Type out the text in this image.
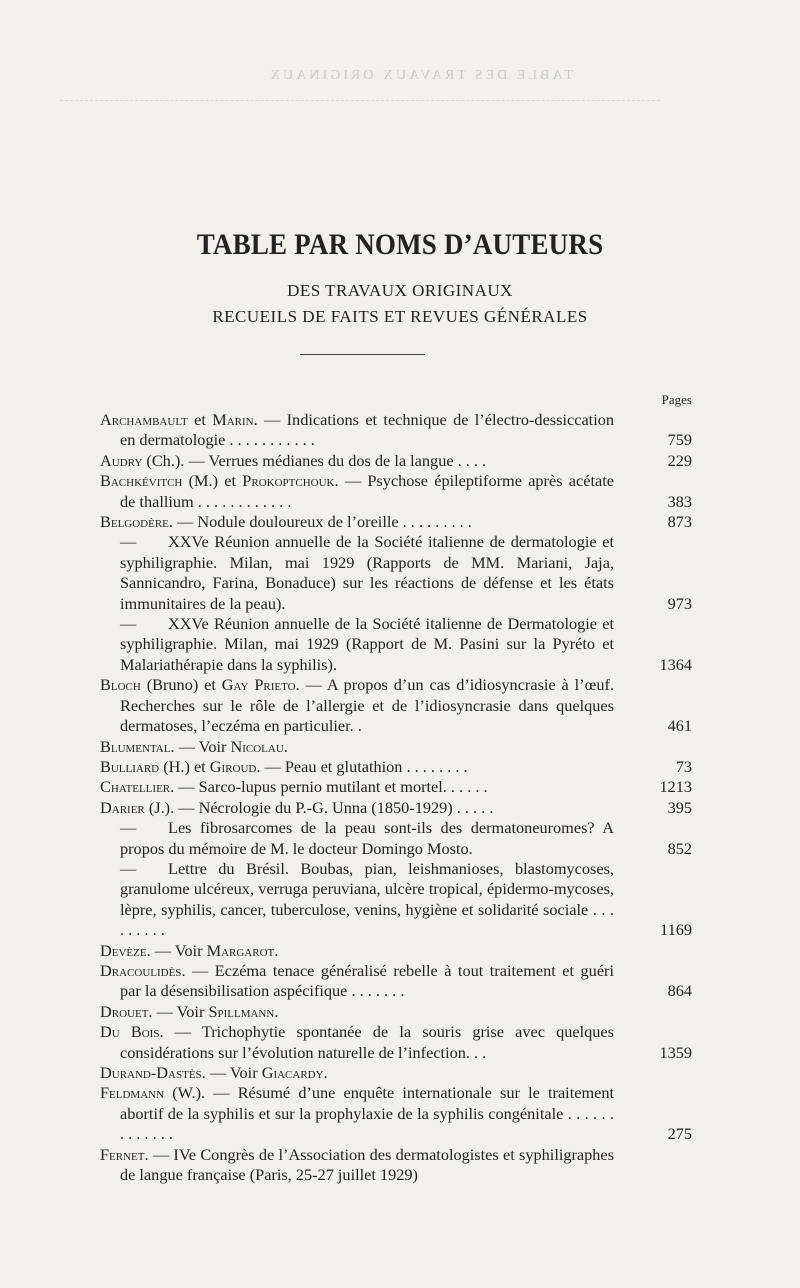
TABLE DES TRAVAUX ORIGINAUX
TABLE PAR NOMS D’AUTEURS
DES TRAVAUX ORIGINAUX
RECUEILS DE FAITS ET REVUES GÉNÉRALES
Pages
Archambault et Marin. — Indications et technique de l’électro-dessiccation en dermatologie . . . . . . . . . . .	759
Audry (Ch.). — Verrues médianes du dos de la langue . . . .	229
Bachkévitch (M.) et Prokoptchouk. — Psychose épileptiforme après acétate de thallium . . . . . . . . . . . .	383
Belgodère. — Nodule douloureux de l’oreille . . . . . . . . .	873
— XXVe Réunion annuelle de la Société italienne de dermatologie et syphiligraphie. Milan, mai 1929 (Rapports de MM. Mariani, Jaja, Sannicandro, Farina, Bonaduce) sur les réactions de défense et les états immunitaires de la peau).	973
— XXVe Réunion annuelle de la Société italienne de Dermatologie et syphiligraphie. Milan, mai 1929 (Rapport de M. Pasini sur la Pyréto et Malariathérapie dans la syphilis).	1364
Bloch (Bruno) et Gay Prieto. — A propos d’un cas d’idiosyncrasie à l’œuf. Recherches sur le rôle de l’allergie et de l’idiosyncrasie dans quelques dermatoses, l’eczéma en particulier. .	461
Blumental. — Voir Nicolau.
Bulliard (H.) et Giroud. — Peau et glutathion . . . . . . . .	73
Chatellier. — Sarco-lupus pernio mutilant et mortel. . . . . .	1213
Darier (J.). — Nécrologie du P.-G. Unna (1850-1929) . . . . .	395
— Les fibrosarcomes de la peau sont-ils des dermatoneuromes? A propos du mémoire de M. le docteur Domingo Mosto.	852
— Lettre du Brésil. Boubas, pian, leishmanioses, blastomycoses, granulome ulcéreux, verruga peruviana, ulcère tropical, épidermo-mycoses, lèpre, syphilis, cancer, tuberculose, venins, hygiène et solidarité sociale . . . . . . . . .	1169
Devèze. — Voir Margarot.
Dracoulidès. — Eczéma tenace généralisé rebelle à tout traitement et guéri par la désensibilisation aspécifique . . . . . . .	864
Drouet. — Voir Spillmann.
Du Bois. — Trichophytie spontanée de la souris grise avec quelques considérations sur l’évolution naturelle de l’infection. . .	1359
Durand-Dastès. — Voir Giacardy.
Feldmann (W.). — Résumé d’une enquête internationale sur le traitement abortif de la syphilis et sur la prophylaxie de la syphilis congénitale . . . . . . . . . . . . .	275
Fernet. — IVe Congrès de l’Association des dermatologistes et syphiligraphes de langue française (Paris, 25-27 juillet 1929)
